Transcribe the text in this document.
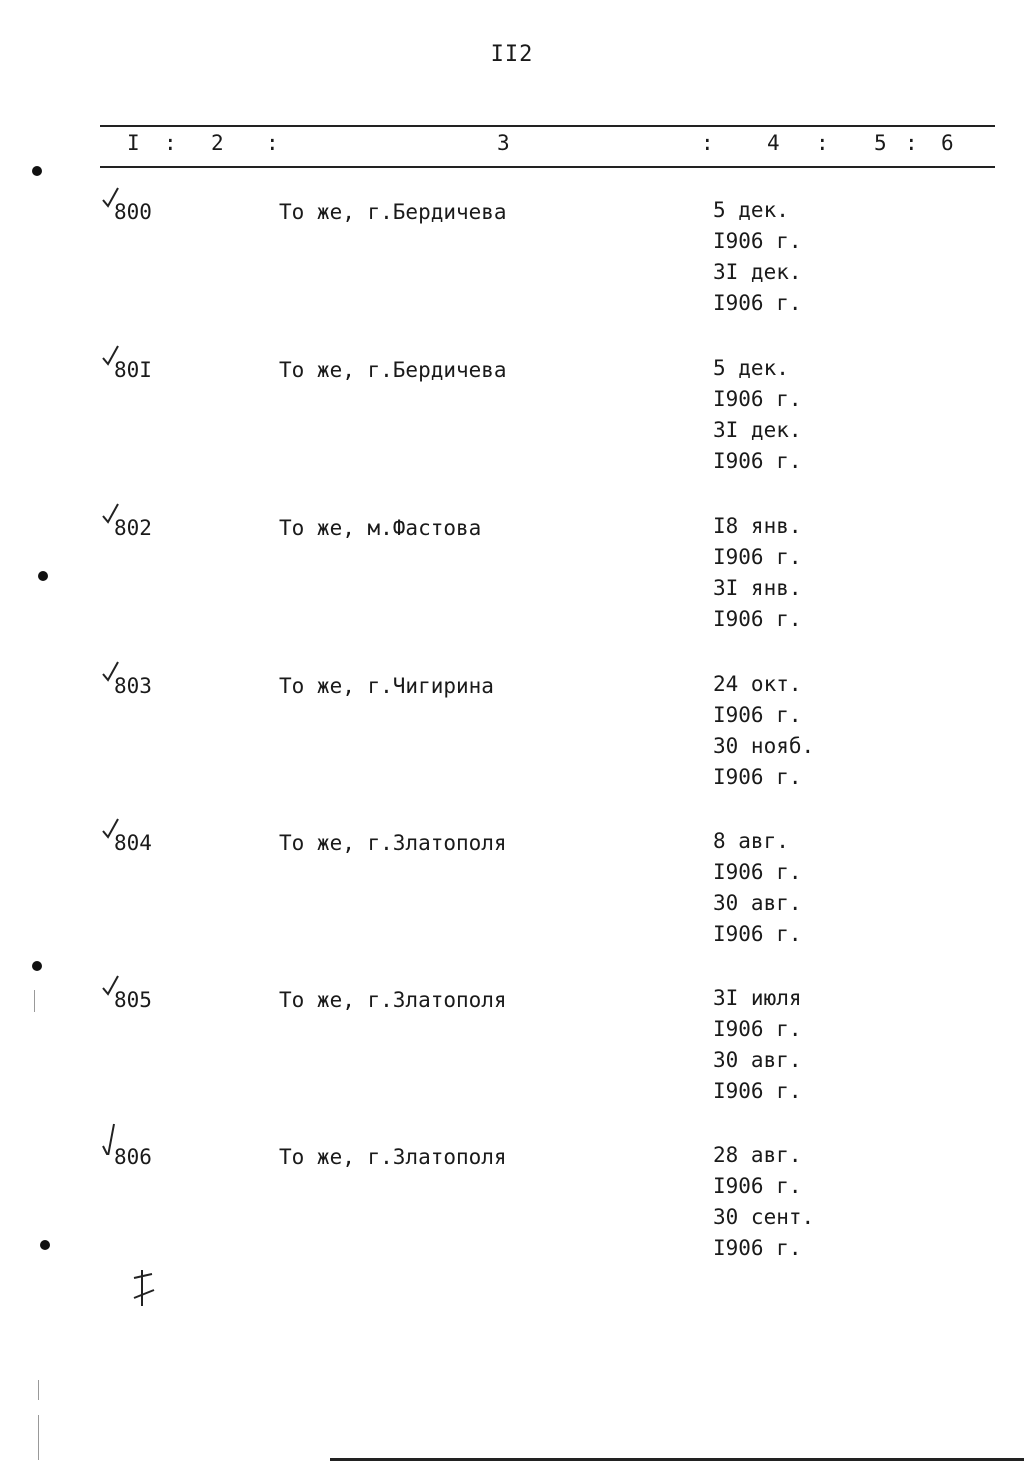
II2
I : 2 :	3	:	4 : 5 : 6
800	То же, г.Бердичева	5 дек.
I906 г.
3I дек.
I906 г.
80I	То же, г.Бердичева	5 дек.
I906 г.
3I дек.
I906 г.
802	То же, м.Фастова	I8 янв.
I906 г.
3I янв.
I906 г.
803	То же, г.Чигирина	24 окт.
I906 г.
30 нояб.
I906 г.
804	То же, г.Златополя	8 авг.
I906 г.
30 авг.
I906 г.
805	То же, г.Златополя	3I июля
I906 г.
30 авг.
I906 г.
806	То же, г.Златополя	28 авг.
I906 г.
30 сент.
I906 г.
